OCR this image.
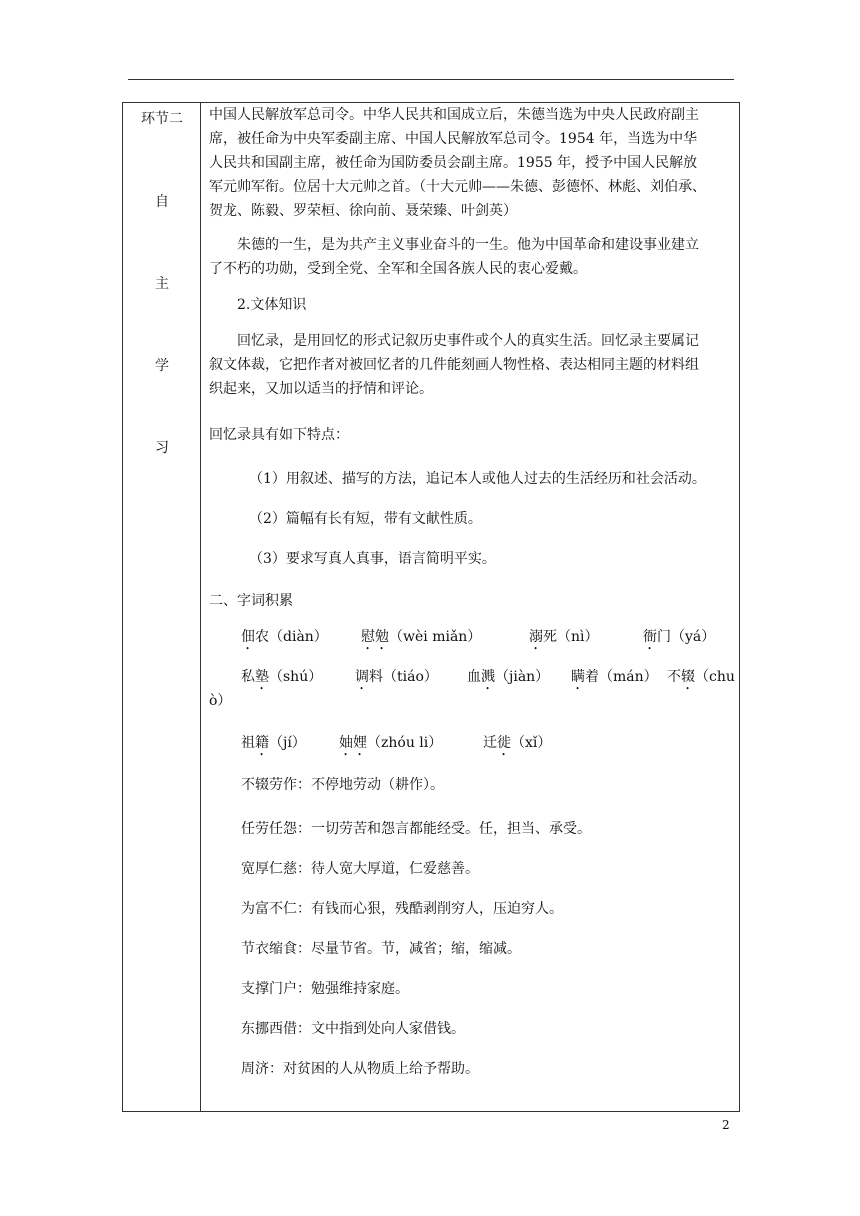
环节二
自
主
学
习
中国人民解放军总司令。中华人民共和国成立后，朱德当选为中央人民政府副主
席，被任命为中央军委副主席、中国人民解放军总司令。1954 年，当选为中华
人民共和国副主席，被任命为国防委员会副主席。1955 年，授予中国人民解放
军元帅军衔。位居十大元帅之首。（十大元帅——朱德、彭德怀、林彪、刘伯承、
贺龙、陈毅、罗荣桓、徐向前、聂荣臻、叶剑英）
朱德的一生，是为共产主义事业奋斗的一生。他为中国革命和建设事业建立
了不朽的功勋，受到全党、全军和全国各族人民的衷心爱戴。
2.文体知识
回忆录，是用回忆的形式记叙历史事件或个人的真实生活。回忆录主要属记
叙文体裁，它把作者对被回忆者的几件能刻画人物性格、表达相同主题的材料组
织起来，又加以适当的抒情和评论。
回忆录具有如下特点：
（1）用叙述、描写的方法，追记本人或他人过去的生活经历和社会活动。
（2）篇幅有长有短，带有文献性质。
（3）要求写真人真事，语言简明平实。
二、字词积累
佃农（diàn） 慰勉（wèi miǎn）	溺死（nì）	衙门（yá）
私塾（shú） 调料（tiáo） 血溅（jiàn） 瞒着（mán） 不辍（chu
ò）
祖籍（jí） 妯娌（zhóu li）	迁徙（xǐ）
不辍劳作：不停地劳动（耕作）。
任劳任怨：一切劳苦和怨言都能经受。任，担当、承受。
宽厚仁慈：待人宽大厚道，仁爱慈善。
为富不仁：有钱而心狠，残酷剥削穷人，压迫穷人。
节衣缩食：尽量节省。节，减省；缩，缩减。
支撑门户：勉强维持家庭。
东挪西借：文中指到处向人家借钱。
周济：对贫困的人从物质上给予帮助。
2
